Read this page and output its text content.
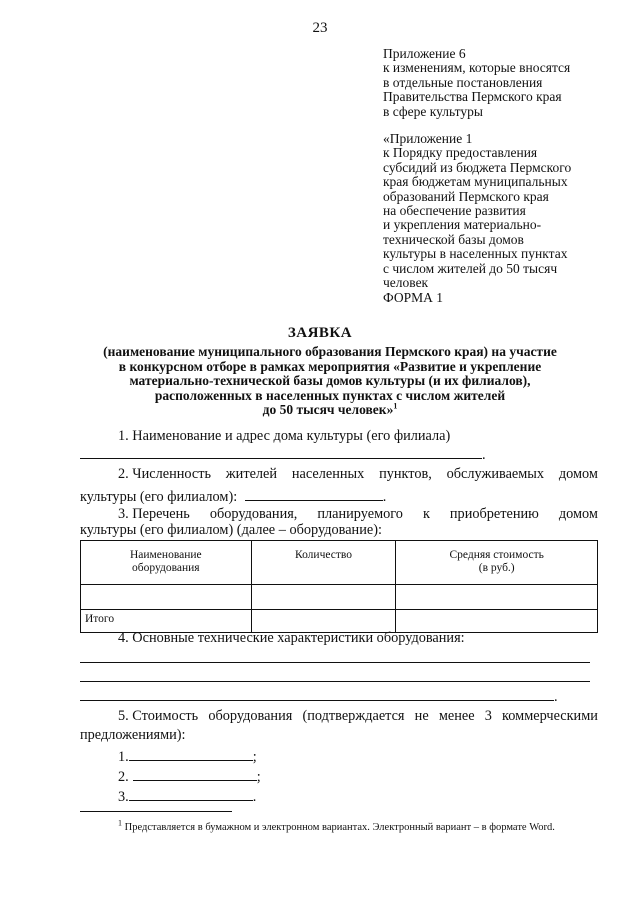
23
Приложение 6
к изменениям, которые вносятся
в отдельные постановления
Правительства Пермского края
в сфере культуры
«Приложение 1
к Порядку предоставления
субсидий из бюджета Пермского
края бюджетам муниципальных
образований Пермского края
на обеспечение развития
и укрепления материально-
технической базы домов
культуры в населенных пунктах
с числом жителей до 50 тысяч
человек
ФОРМА 1
ЗАЯВКА
(наименование муниципального образования Пермского края) на участие
в конкурсном отборе в рамках мероприятия «Развитие и укрепление
материально-технической базы домов культуры (и их филиалов),
расположенных в населенных пунктах с числом жителей
до 50 тысяч человек»$^1$
1. Наименование и адрес дома культуры (его филиала)
.
2. Численность жителей населенных пунктов, обслуживаемых домом
культуры (его филиалом):	.
3. Перечень оборудования, планируемого к приобретению домом
культуры (его филиалом) (далее – оборудование):
Наименование
оборудования	Количество	Средняя стоимость
(в руб.)

Итого		
4. Основные технические характеристики оборудования:
.
5. Стоимость оборудования (подтверждается не менее 3 коммерческими
предложениями):
1.	;
2.	;
3.	.
$^1$ Представляется в бумажном и электронном вариантах. Электронный вариант – в формате Word.
